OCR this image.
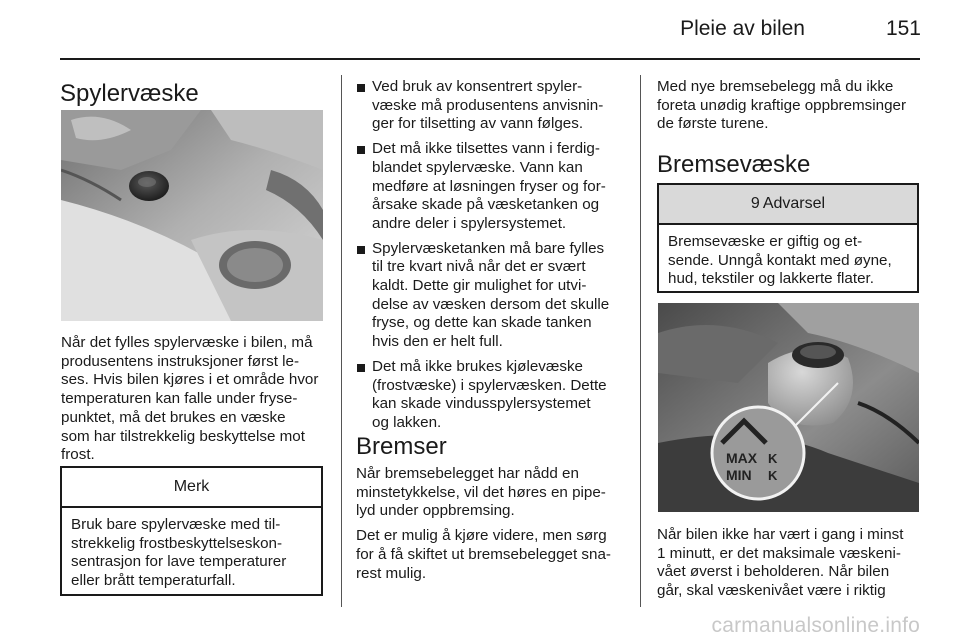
Pleie av bilen	151
Spylervæske
Når det fylles spylervæske i bilen, må
produsentens instruksjoner først le-
ses. Hvis bilen kjøres i et område hvor
temperaturen kan falle under fryse-
punktet, må det brukes en væske
som har tilstrekkelig beskyttelse mot
frost.
Merk
Bruk bare spylervæske med til-
strekkelig frostbeskyttelseskon-
sentrasjon for lave temperaturer
eller brått temperaturfall.
Ved bruk av konsentrert spyler-
væske må produsentens anvisnin-
ger for tilsetting av vann følges.
Det må ikke tilsettes vann i ferdig-
blandet spylervæske. Vann kan
medføre at løsningen fryser og for-
årsake skade på væsketanken og
andre deler i spylersystemet.
Spylervæsketanken må bare fylles
til tre kvart nivå når det er svært
kaldt. Dette gir mulighet for utvi-
delse av væsken dersom det skulle
fryse, og dette kan skade tanken
hvis den er helt full.
Det må ikke brukes kjølevæske
(frostvæske) i spylervæsken. Dette
kan skade vindusspylersystemet
og lakken.
Bremser
Når bremsebelegget har nådd en
minstetykkelse, vil det høres en pipe-
lyd under oppbremsing.
Det er mulig å kjøre videre, men sørg
for å få skiftet ut bremsebelegget sna-
rest mulig.
Med nye bremsebelegg må du ikke
foreta unødig kraftige oppbremsinger
de første turene.
Bremsevæske
9 Advarsel
Bremsevæske er giftig og et-
sende. Unngå kontakt med øyne,
hud, tekstiler og lakkerte flater.
MAX
MIN
K
K
Når bilen ikke har vært i gang i minst
1 minutt, er det maksimale væskeni-
vået øverst i beholderen. Når bilen
går, skal væskenivået være i riktig
carmanualsonline.info
